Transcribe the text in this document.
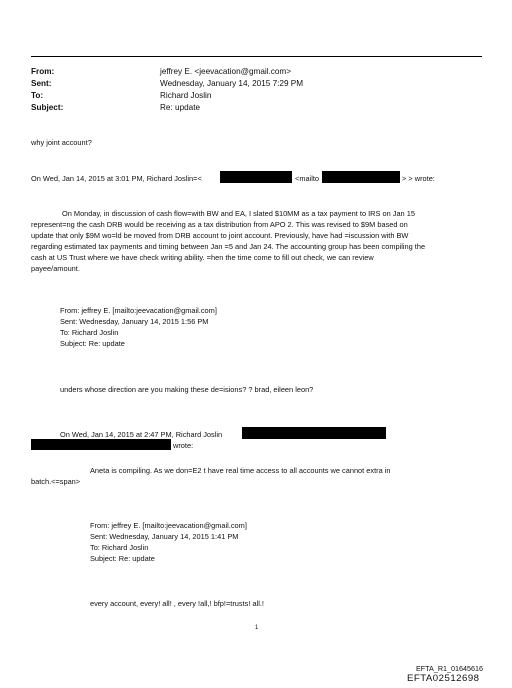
From:
Sent:
To:
Subject:
jeffrey E. <jeevacation@gmail.com>
Wednesday, January 14, 2015 7:29 PM
Richard Joslin
Re: update
why joint account?
On Wed, Jan 14, 2015 at 3:01 PM, Richard Joslin=<	<mailto	> > wrote:
On Monday, in discussion of cash flow=with BW and EA, I slated $10MM as a tax payment to IRS on Jan 15
represent=ng the cash DRB would be receiving as a tax distribution from APO 2. This was revised to $9M based on
update that only $9M wo=ld be moved from DRB account to joint account. Previously, have had =iscussion with BW
regarding estimated tax payments and timing between Jan =5 and Jan 24. The accounting group has been compiling the
cash at US Trust where we have check writing ability. =hen the time come to fill out check, we can review
payee/amount.
From: jeffrey E. [mailto:jeevacation@gmail.com]
Sent: Wednesday, January 14, 2015 1:56 PM
To: Richard Joslin
Subject: Re: update
unders whose direction are you making these de=isions? ? brad, eileen leon?
On Wed, Jan 14, 2015 at 2:47 PM, Richard Joslin
wrote:
Aneta is compiling. As we don=E2 t have real time access to all accounts we cannot extra in
batch.<=span>
From: jeffrey E. [mailto:jeevacation@gmail.com]
Sent: Wednesday, January 14, 2015 1:41 PM
To: Richard Joslin
Subject: Re: update
every account, every! all! , every !all,! bfp!=trusts! all.!
1
EFTA_R1_01645616
EFTA02512698
